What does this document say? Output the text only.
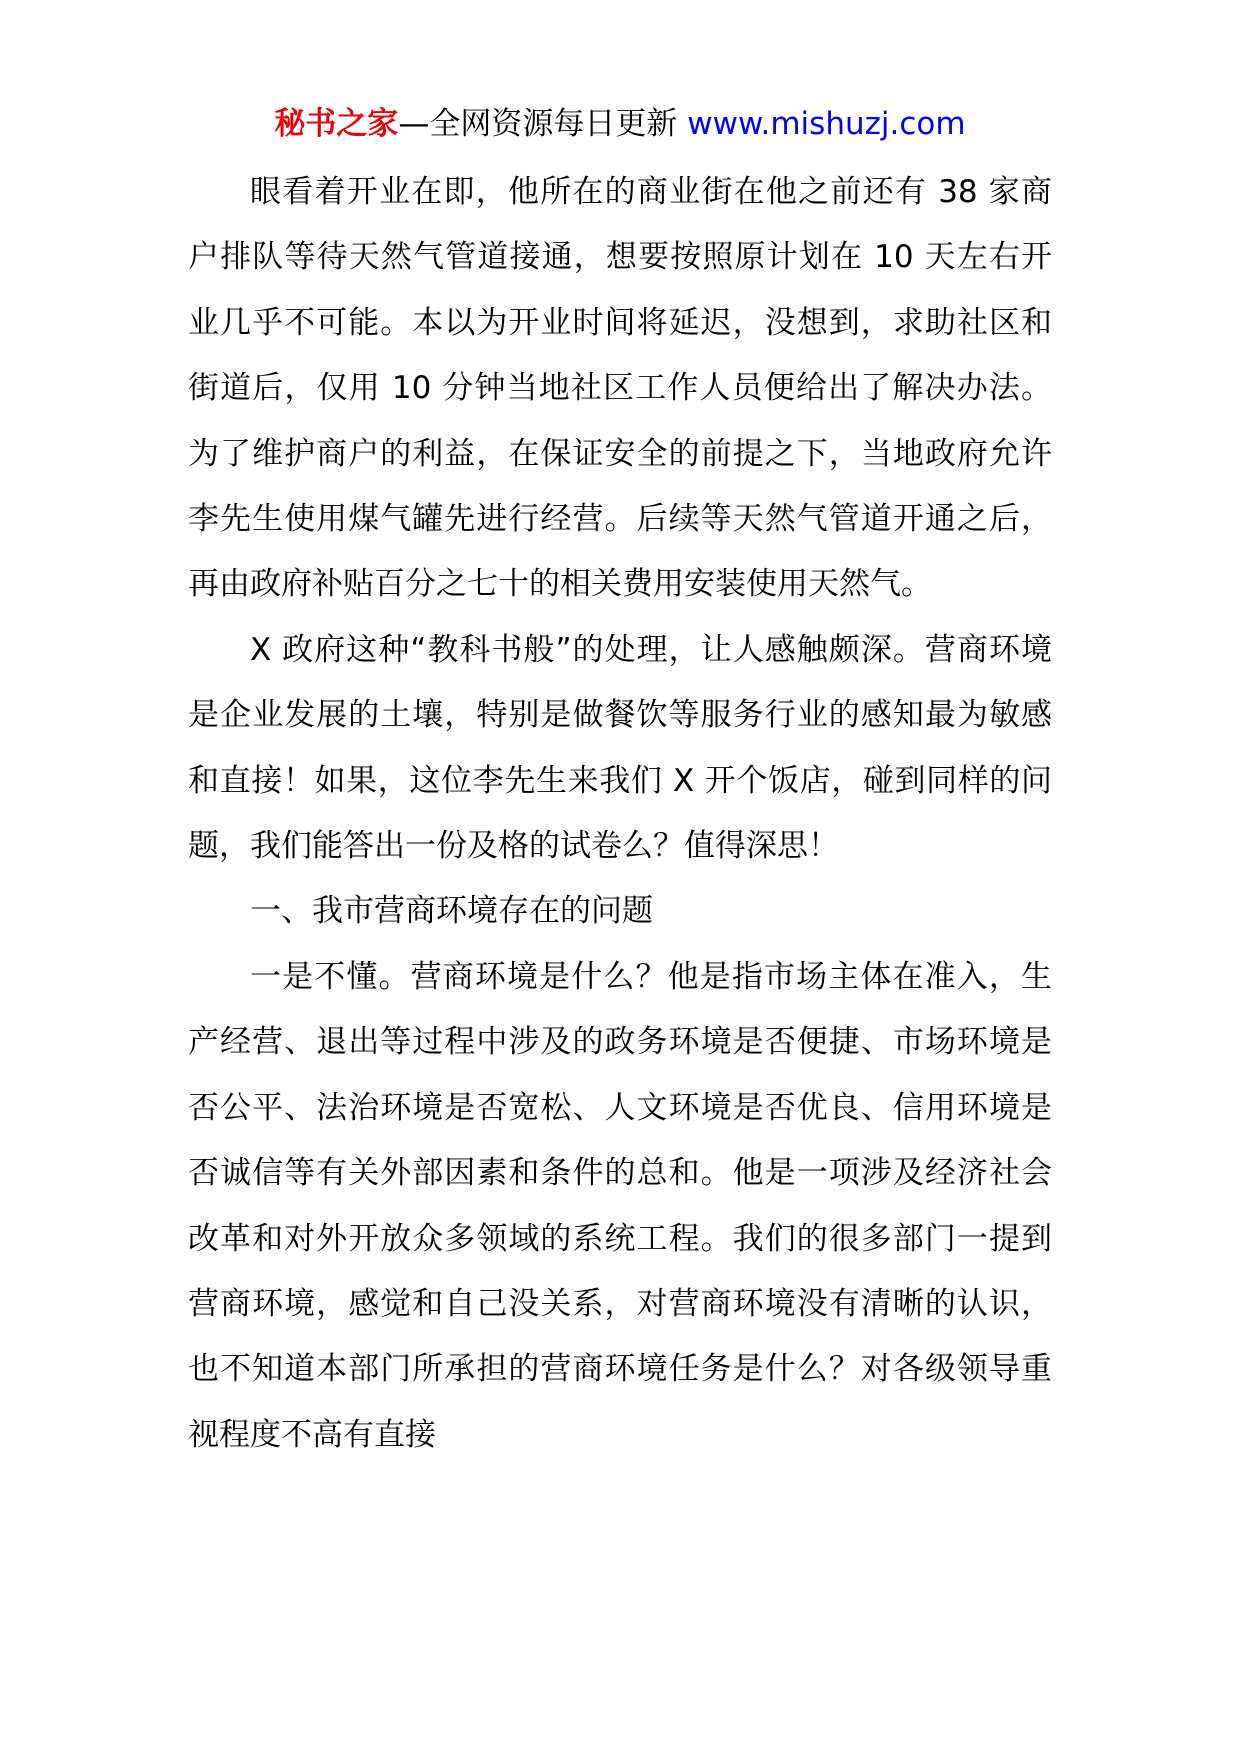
秘书之家—全网资源每日更新 www.mishuzj.com

眼看着开业在即，他所在的商业街在他之前还有 38 家商户排队等待天然气管道接通，想要按照原计划在 10 天左右开业几乎不可能。本以为开业时间将延迟，没想到，求助社区和街道后，仅用 10 分钟当地社区工作人员便给出了解决办法。为了维护商户的利益，在保证安全的前提之下，当地政府允许李先生使用煤气罐先进行经营。后续等天然气管道开通之后，再由政府补贴百分之七十的相关费用安装使用天然气。

X 政府这种“教科书般”的处理，让人感触颇深。营商环境是企业发展的土壤，特别是做餐饮等服务行业的感知最为敏感和直接！如果，这位李先生来我们 X 开个饭店，碰到同样的问题，我们能答出一份及格的试卷么？值得深思！

一、我市营商环境存在的问题

一是不懂。营商环境是什么？他是指市场主体在准入，生产经营、退出等过程中涉及的政务环境是否便捷、市场环境是否公平、法治环境是否宽松、人文环境是否优良、信用环境是否诚信等有关外部因素和条件的总和。他是一项涉及经济社会改革和对外开放众多领域的系统工程。我们的很多部门一提到营商环境，感觉和自己没关系，对营商环境没有清晰的认识，也不知道本部门所承担的营商环境任务是什么？对各级领导重视程度不高有直接
